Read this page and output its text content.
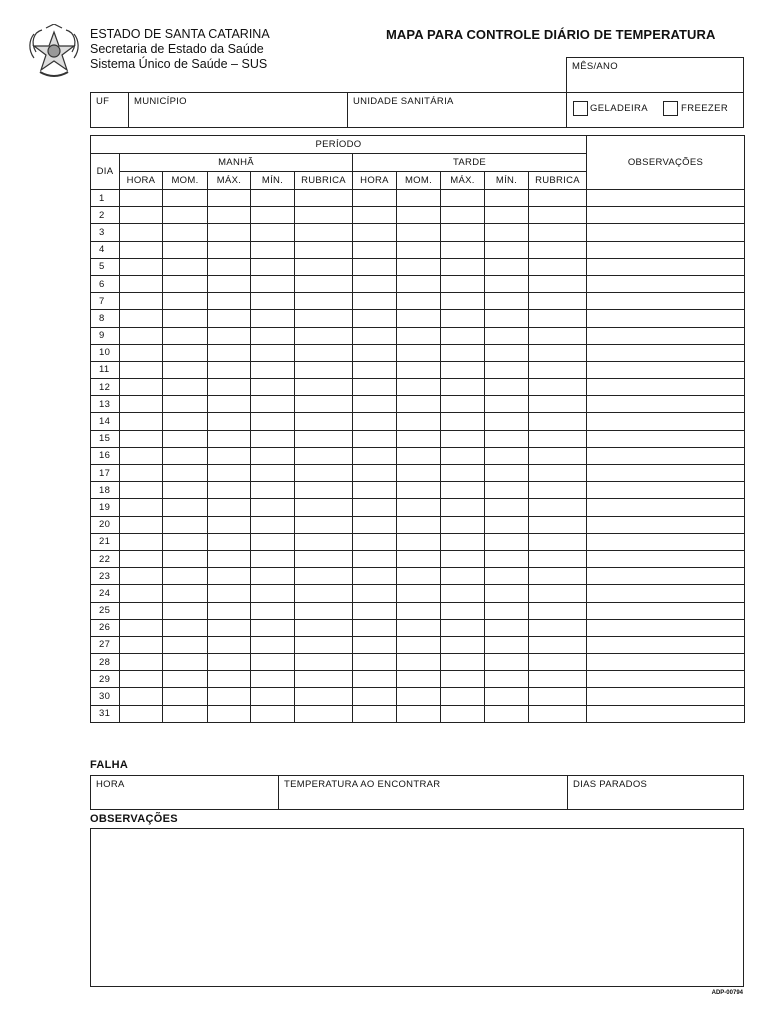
ESTADO DE SANTA CATARINA
Secretaria de Estado da Saúde
Sistema Único de Saúde – SUS
MAPA PARA CONTROLE DIÁRIO DE TEMPERATURA
MÊS/ANO
UF	MUNICÍPIO	UNIDADE SANITÁRIA
GELADEIRA	FREEZER
PERÍODO											OBSERVAÇÕES
DIA	MANHÃ					TARDE					
	HORA	MOM.	MÁX.	MÍN.	RUBRICA	HORA	MOM.	MÁX.	MÍN.	RUBRICA	
1											
2											
3											
4											
5											
6											
7											
8											
9											
10											
11											
12											
13											
14											
15											
16											
17											
18											
19											
20											
21											
22											
23											
24											
25											
26											
27											
28											
29											
30											
31											
FALHA
HORA	TEMPERATURA AO ENCONTRAR	DIAS PARADOS
OBSERVAÇÕES
ADP-00794
